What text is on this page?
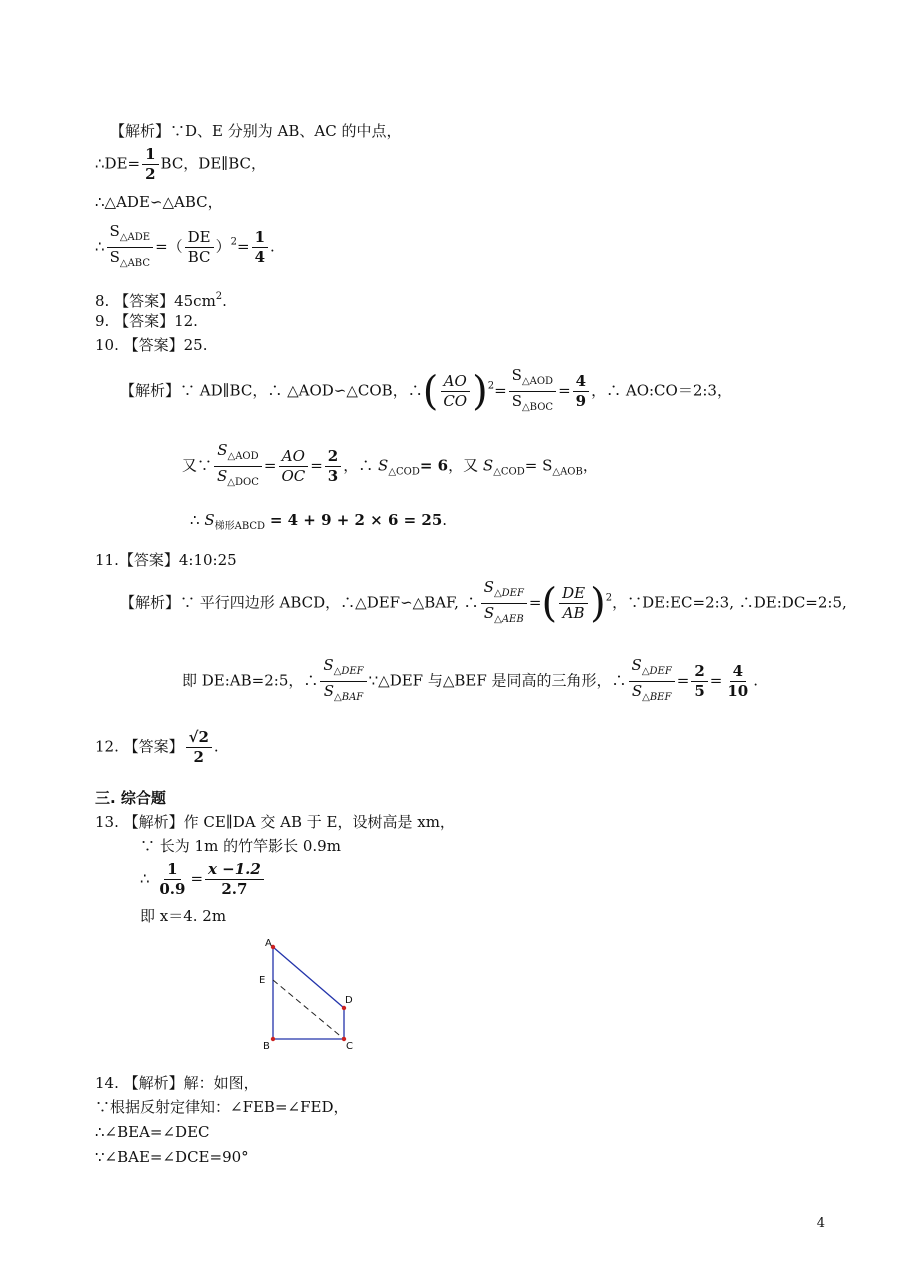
【解析】∵D、E 分别为 AB、AC 的中点，
∴DE= $\frac{1}{2}$ BC，DE∥BC，
∴△ADE∽△ABC，
∴ $\frac{S_{\triangle ADE}}{S_{\triangle ABC}}$ =（ $\frac{DE}{BC} )^2= \frac{1}{4}$ .
8. 【答案】$45cm^2$.
9. 【答案】12.
10. 【答案】25.
【解析】∵ AD∥BC，∴ △AOD∽△COB，∴( $\frac{AO}{CO} )^2= \frac{S_{\triangle AOD}}{S_{\triangle BOC}} = \frac{4}{9}$ ，∴ AO:CO＝2:3，
又∵ $\frac{S_{\triangle AOD}}{S_{\triangle DOC}} = \frac{AO}{OC} = \frac{2}{3}$ ，∴ $S_{\triangle COD}= 6$，又 $S_{\triangle COD}= S_{\triangle AOB}$，
∴ $S_{梯形ABCD} = 4 + 9 + 2 \times 6 = 25$.
11.【答案】4:10:25
【解析】∵ 平行四边形 ABCD，∴△DEF∽△BAF, ∴ $\frac{S_{\triangle DEF}}{S_{\triangle AEB}}$ =( $\frac{DE}{AB} )^2$，∵DE:EC=2:3, ∴DE:DC=2:5,
即 DE:AB=2:5，∴ $\frac{S_{\triangle DEF}}{S_{\triangle BAF}}$ ∵△DEF 与△BEF 是同高的三角形，∴ $\frac{S_{\triangle DEF}}{S_{\triangle BEF}} = \frac{2}{5} = \frac{4}{10}$ .
12. 【答案】 $\frac{√2}{2}$ .
三. 综合题
13. 【解析】作 CE∥DA 交 AB 于 E，设树高是 xm，
∵ 长为 1m 的竹竿影长 0.9m
∴ $\frac{1}{0.9} = \frac{x -1.2}{2.7}$
即 x＝4. 2m
A
E
D
B	C
14. 【解析】解：如图，
∵根据反射定律知：∠FEB=∠FED，
∴∠BEA=∠DEC
∵∠BAE=∠DCE=90°
4
